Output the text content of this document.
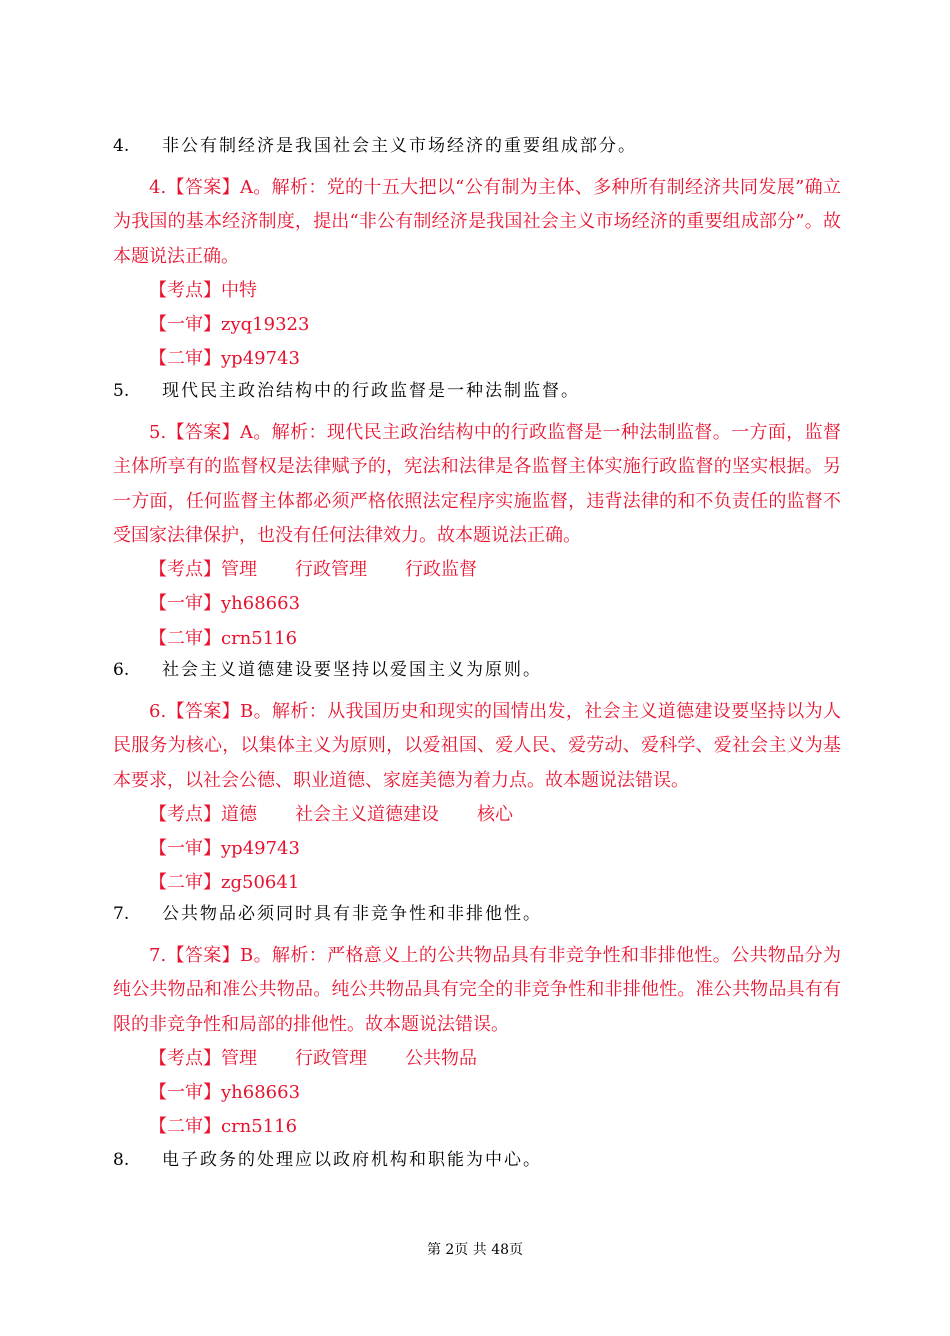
4. 非公有制经济是我国社会主义市场经济的重要组成部分。

4.【答案】A。解析：党的十五大把以“公有制为主体、多种所有制经济共同发展”确立为我国的基本经济制度，提出“非公有制经济是我国社会主义市场经济的重要组成部分”。故本题说法正确。

【考点】中特
【一审】zyq19323
【二审】yp49743
5. 现代民主政治结构中的行政监督是一种法制监督。

5.【答案】A。解析：现代民主政治结构中的行政监督是一种法制监督。一方面，监督主体所享有的监督权是法律赋予的，宪法和法律是各监督主体实施行政监督的坚实根据。另一方面，任何监督主体都必须严格依照法定程序实施监督，违背法律的和不负责任的监督不受国家法律保护，也没有任何法律效力。故本题说法正确。

【考点】管理 行政管理 行政监督
【一审】yh68663
【二审】crn5116
6. 社会主义道德建设要坚持以爱国主义为原则。

6.【答案】B。解析：从我国历史和现实的国情出发，社会主义道德建设要坚持以为人民服务为核心，以集体主义为原则，以爱祖国、爱人民、爱劳动、爱科学、爱社会主义为基本要求，以社会公德、职业道德、家庭美德为着力点。故本题说法错误。

【考点】道德 社会主义道德建设 核心
【一审】yp49743
【二审】zg50641
7. 公共物品必须同时具有非竞争性和非排他性。

7.【答案】B。解析：严格意义上的公共物品具有非竞争性和非排他性。公共物品分为纯公共物品和准公共物品。纯公共物品具有完全的非竞争性和非排他性。准公共物品具有有限的非竞争性和局部的排他性。故本题说法错误。

【考点】管理 行政管理 公共物品
【一审】yh68663
【二审】crn5116
8. 电子政务的处理应以政府机构和职能为中心。
第 2页 共 48页
